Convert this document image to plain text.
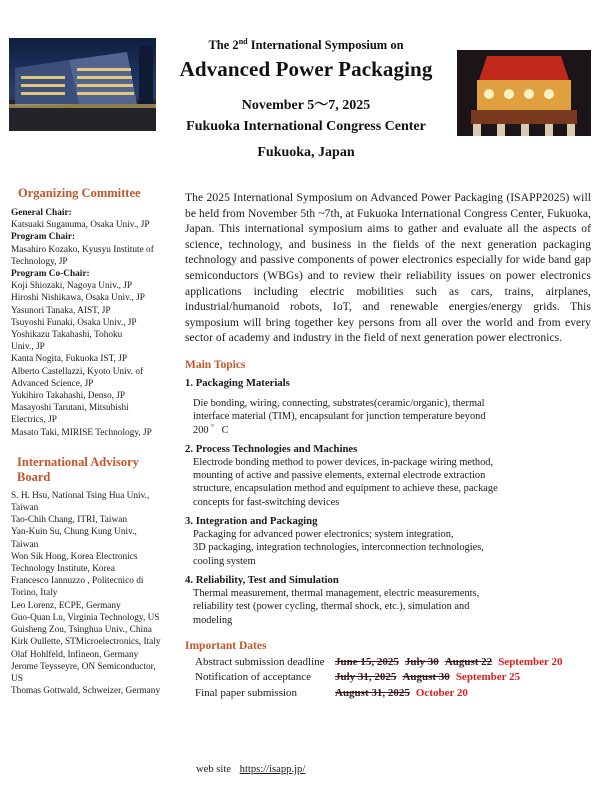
The 2nd International Symposium on
Advanced Power Packaging
November 5〜7, 2025
Fukuoka International Congress Center
Fukuoka, Japan
Organizing Committee
General Chair:
Katsuaki Suganuma, Osaka Univ., JP
Program Chair:
Masahiro Kozako, Kyusyu Institute of
Technology, JP
Program Co-Chair:
Koji Shiozaki, Nagoya Univ., JP
Hiroshi Nishikawa, Osaka Univ., JP
Yasunori Tanaka, AIST, JP
Tsuyoshi Funaki, Osaka Univ., JP
Yoshikazu Takahashi, Tohoku
Univ., JP
Kanta Nogita, Fukuoka IST, JP
Alberto Castellazzi, Kyoto Univ. of
Advanced Science, JP
Yukihiro Takahashi, Denso, JP
Masayoshi Tarutani, Mitsubishi
Electrics, JP
Masato Taki, MIRISE Technology, JP
International Advisory
Board
S. H. Hsu, National Tsing Hua Univ.,
Taiwan
Tao-Chih Chang, ITRI, Taiwan
Yan-Kuin Su, Chung Kung Univ.,
Taiwan
Won Sik Hong, Korea Electronics
Technology Institute, Korea
Francesco Iannuzzo , Politecnico di
Torino, Italy
Leo Lorenz, ECPE, Germany
Guo-Quan Lu, Virginia Technology, US
Guisheng Zou, Tsinghua Univ., China
Kirk Oullette, STMicroelectronics, Italy
Olaf Hohlfeld, Infineon, Germany
Jerome Teysseyre, ON Semiconductor,
US
Thomas Gottwald, Schweizer, Germany

The 2025 International Symposium on Advanced Power Packaging (ISAPP2025) will be held from November 5th ~7th, at Fukuoka International Congress Center, Fukuoka, Japan. This international symposium aims to gather and evaluate all the aspects of science, technology, and business in the fields of the next generation packaging technology and passive components of power electronics especially for wide band gap semiconductors (WBGs) and to review their reliability issues on power electronics applications including electric mobilities such as cars, trains, airplanes, industrial/humanoid robots, IoT, and renewable energies/energy grids. This symposium will bring together key persons from all over the world and from every sector of academy and industry in the field of next generation power electronics.

Main Topics
1. Packaging Materials
Die bonding, wiring, connecting, substrates(ceramic/organic), thermal
interface material (TIM), encapsulant for junction temperature beyond
200 ゜C
2. Process Technologies and Machines
Electrode bonding method to power devices, in-package wiring method,
mounting of active and passive elements, external electrode extraction
structure, encapsulation method and equipment to achieve these, package
concepts for fast-switching devices
3. Integration and Packaging
Packaging for advanced power electronics; system integration,
3D packaging, integration technologies, interconnection technologies,
cooling system
4. Reliability, Test and Simulation
Thermal measurement, thermal management, electric measurements,
reliability test (power cycling, thermal shock, etc.), simulation and
modeling
Important Dates
Abstract submission deadline June 15, 2025 July 30 August 22 September 20
Notification of acceptance	July 31, 2025 August 30 September 25
Final paper submission	August 31, 2025 October 20
web site https://isapp.jp/
